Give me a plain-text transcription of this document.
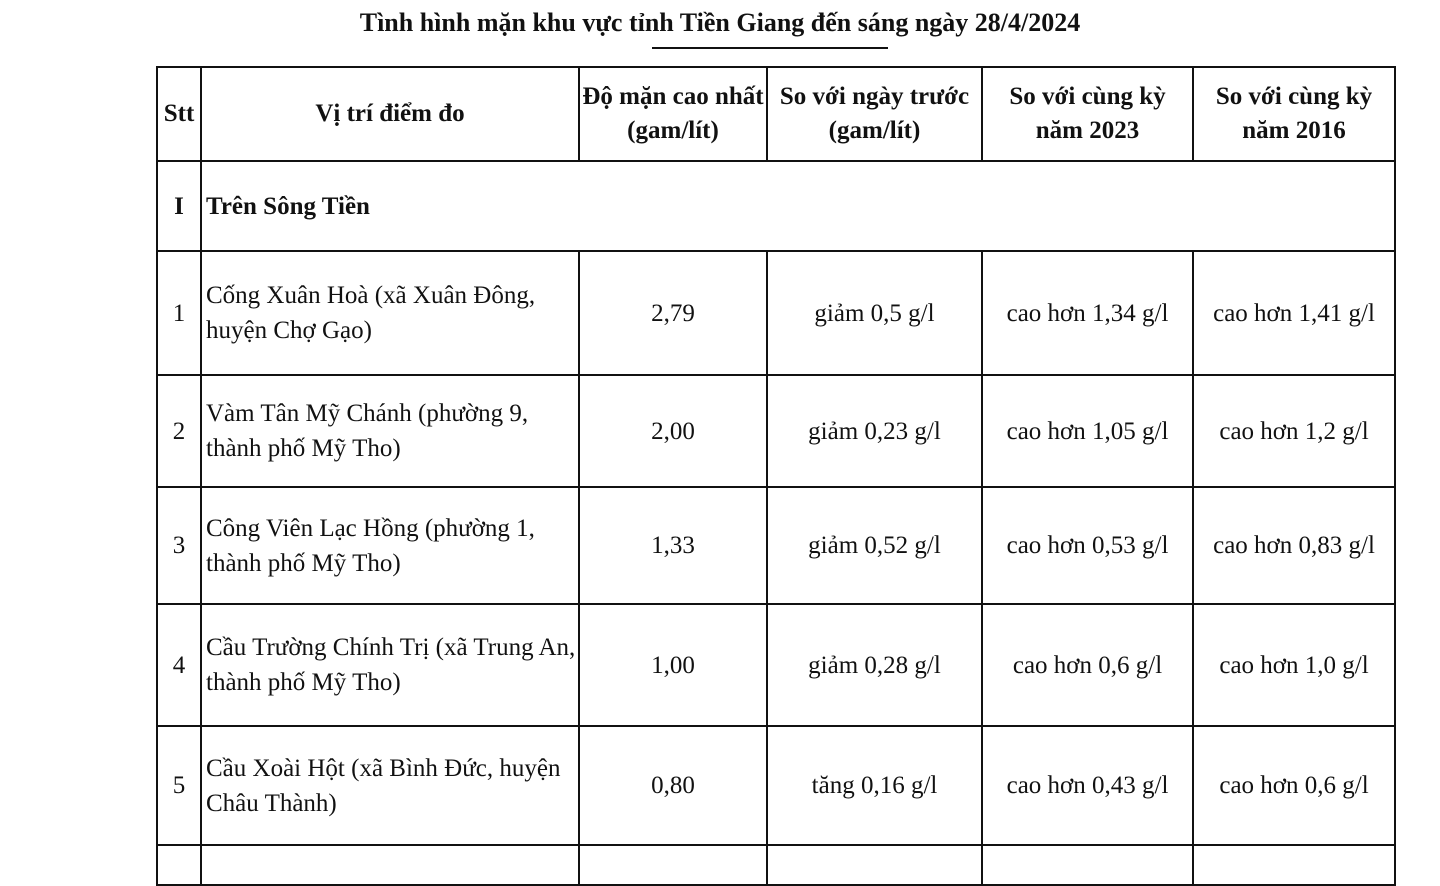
Tình hình mặn khu vực tỉnh Tiền Giang đến sáng ngày 28/4/2024
Stt	Vị trí điểm đo	Độ mặn cao nhất (gam/lít)	So với ngày trước (gam/lít)	So với cùng kỳ năm 2023	So với cùng kỳ năm 2016
I	Trên Sông Tiền				
1	Cống Xuân Hoà (xã Xuân Đông, huyện Chợ Gạo)	2,79	giảm 0,5 g/l	cao hơn 1,34 g/l	cao hơn 1,41 g/l
2	Vàm Tân Mỹ Chánh (phường 9, thành phố Mỹ Tho)	2,00	giảm 0,23 g/l	cao hơn 1,05 g/l	cao hơn 1,2 g/l
3	Công Viên Lạc Hồng (phường 1, thành phố Mỹ Tho)	1,33	giảm 0,52 g/l	cao hơn 0,53 g/l	cao hơn 0,83 g/l
4	Cầu Trường Chính Trị (xã Trung An, thành phố Mỹ Tho)	1,00	giảm 0,28 g/l	cao hơn 0,6 g/l	cao hơn 1,0 g/l
5	Cầu Xoài Hột (xã Bình Đức, huyện Châu Thành)	0,80	tăng 0,16 g/l	cao hơn 0,43 g/l	cao hơn 0,6 g/l
